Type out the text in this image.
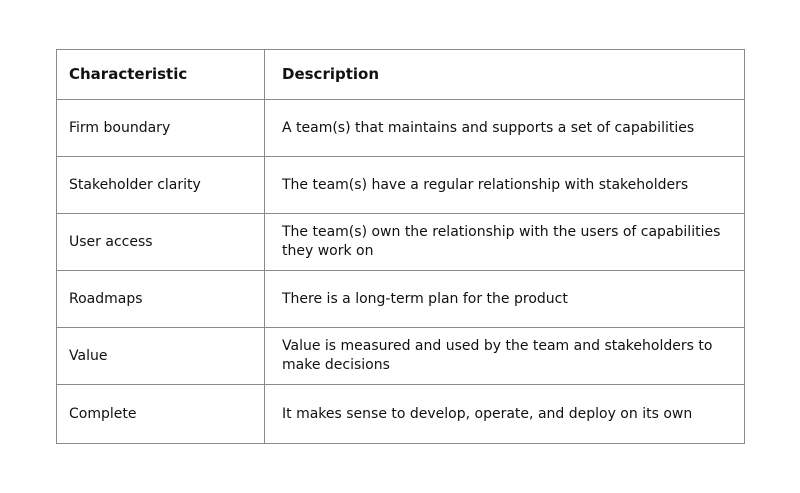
Characteristic	Description
Firm boundary	A team(s) that maintains and supports a set of capabilities
Stakeholder clarity	The team(s) have a regular relationship with stakeholders
User access	The team(s) own the relationship with the users of capabilities they work on
Roadmaps	There is a long-term plan for the product
Value	Value is measured and used by the team and stakeholders to make decisions
Complete	It makes sense to develop, operate, and deploy on its own
